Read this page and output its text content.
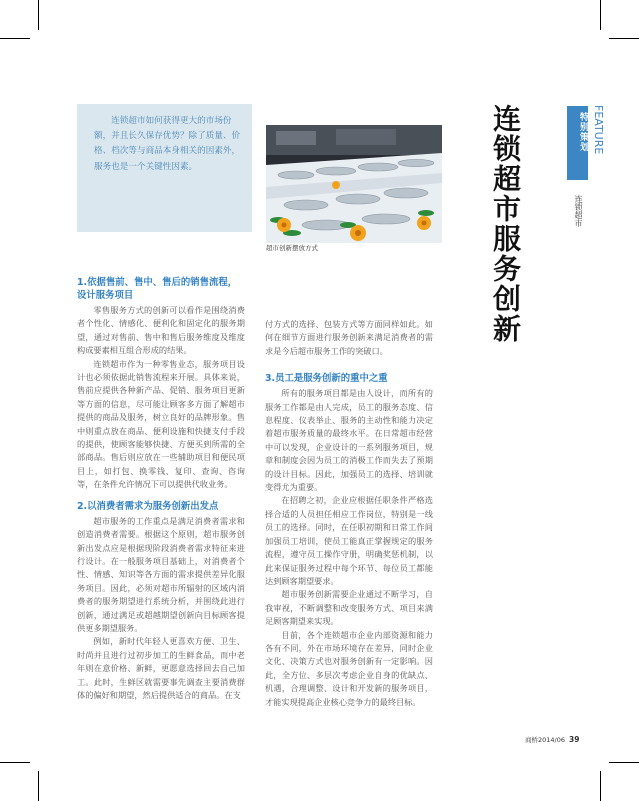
连锁超市如何获得更大的市场份额，并且长久保存优势？除了质量、价格、档次等与商品本身相关的因素外，服务也是一个关键性因素。
超市创新摆放方式	连锁超市服务创新	特别策划 FEATURE
连锁超市
1.依据售前、售中、售后的销售流程，设计服务项目
零售服务方式的创新可以看作是围绕消费者个性化、情感化、便利化和固定化的服务期望，通过对售前、售中和售后服务维度及维度构成要素相互组合形成的结果。
连锁超市作为一种零售业态，服务项目设计也必须依据此销售流程来开展。具体来说，售前应提供各种新产品、促销、服务项目更新等方面的信息，尽可能让顾客多方面了解超市提供的商品及服务，树立良好的品牌形象。售中则重点放在商品、便利设施和快捷支付手段的提供，使顾客能够快捷、方便买到所需的全部商品。售后则应放在一些辅助项目和便民项目上，如打包、换零钱、复印、查询、咨询等，在条件允许情况下可以提供代收业务。
2.以消费者需求为服务创新出发点
超市服务的工作重点是满足消费者需求和创造消费者需要。根据这个原则，超市服务创新出发点应是根据现阶段消费者需求特征来进行设计。在一般服务项目基础上，对消费者个性、情感、知识等各方面的需求提供差异化服务项目。因此，必须对超市所辐射的区域内消费者的服务期望进行系统分析，并围绕此进行创新，通过满足或超越期望创新向目标顾客提供更多期望服务。
例如，新时代年轻人更喜欢方便、卫生、时尚并且进行过初步加工的生鲜食品，而中老年则在意价格、新鲜，更愿意选择回去自己加工。此时，生鲜区就需要事先调查主要消费群体的偏好和期望，然后提供适合的商品。在支
付方式的选择、包装方式等方面同样如此。如何在细节方面进行服务创新来满足消费者的需求是今后超市服务工作的突破口。
3.员工是服务创新的重中之重
所有的服务项目都是由人设计，而所有的服务工作都是由人完成，员工的服务态度、信息程度、仪表举止、服务的主动性和能力决定着超市服务质量的最终水平。在日常超市经营中可以发现，企业设计的一系列服务项目，规章和制度会因为员工的消极工作而失去了预期的设计目标。因此，加强员工的选择、培训就变得尤为重要。
在招聘之初，企业应根据任职条件严格选择合适的人员担任相应工作岗位，特别是一线员工的选择。同时，在任职初期和日常工作间加强员工培训，使员工能真正掌握规定的服务流程，遵守员工操作守册，明确奖惩机制，以此来保证服务过程中每个环节、每位员工都能达到顾客期望要求。
超市服务创新需要企业通过不断学习，自我审视，不断调整和改变服务方式、项目来满足顾客期望来实现。
目前，各个连锁超市企业内部资源和能力各有不同，外在市场环境存在差异，同时企业文化、决策方式也对服务创新有一定影响。因此，全方位、多层次考虑企业自身的优缺点、机遇，合理调整、设计和开发新的服务项目，才能实现提高企业核心竞争力的最终目标。
商桥2014/06 39
